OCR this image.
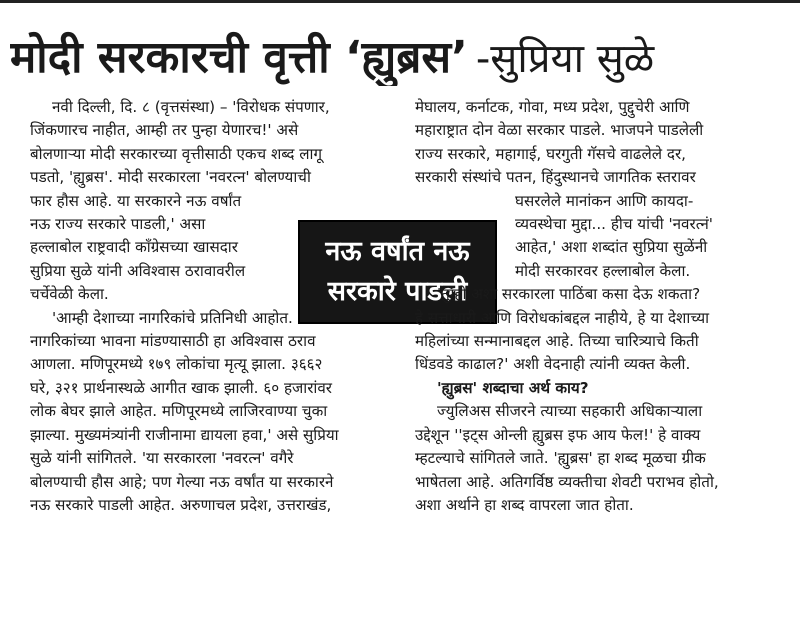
मोदी सरकारची वृत्ती ‘ह्युब्रस’ -सुप्रिया सुळे
नवी दिल्ली, दि. ८ (वृत्तसंस्था) – 'विरोधक संपणार,
जिंकणारच नाहीत, आम्ही तर पुन्हा येणारच!' असे
बोलणाऱ्या मोदी सरकारच्या वृत्तीसाठी एकच शब्द लागू
पडतो, 'ह्युब्रस'. मोदी सरकारला 'नवरत्न' बोलण्याची
फार हौस आहे. या सरकारने नऊ वर्षांत
नऊ राज्य सरकारे पाडली,' असा
हल्लाबोल राष्ट्रवादी काँग्रेसच्या खासदार
सुप्रिया सुळे यांनी अविश्वास ठरावावरील
चर्चेवेळी केला.
'आम्ही देशाच्या नागरिकांचे प्रतिनिधी आहोत.
नागरिकांच्या भावना मांडण्यासाठी हा अविश्वास ठराव
आणला. मणिपूरमध्ये १७९ लोकांचा मृत्यू झाला. ३६६२
घरे, ३२१ प्रार्थनास्थळे आगीत खाक झाली. ६० हजारांवर
लोक बेघर झाले आहेत. मणिपूरमध्ये लाजिरवाण्या चुका
झाल्या. मुख्यमंत्र्यांनी राजीनामा द्यायला हवा,' असे सुप्रिया
सुळे यांनी सांगितले. 'या सरकारला 'नवरत्न' वगैरे
बोलण्याची हौस आहे; पण गेल्या नऊ वर्षांत या सरकारने
नऊ सरकारे पाडली आहेत. अरुणाचल प्रदेश, उत्तराखंड,
नऊ वर्षांत नऊ
सरकारे पाडली
मेघालय, कर्नाटक, गोवा, मध्य प्रदेश, पुद्दुचेरी आणि
महाराष्ट्रात दोन वेळा सरकार पाडले. भाजपने पाडलेली
राज्य सरकारे, महागाई, घरगुती गॅसचे वाढलेले दर,
सरकारी संस्थांचे पतन, हिंदुस्थानचे जागतिक स्तरावर
घसरलेले मानांकन आणि कायदा-
व्यवस्थेचा मुद्दा... हीच यांची 'नवरत्नं'
आहेत,' अशा शब्दांत सुप्रिया सुळेंनी
मोदी सरकारवर हल्लाबोल केला.
'तुम्ही अशा सरकारला पाठिंबा कसा देऊ शकता?
हे सत्ताधारी आणि विरोधकांबद्दल नाहीये, हे या देशाच्या
महिलांच्या सन्मानाबद्दल आहे. तिच्या चारित्र्याचे किती
धिंडवडे काढाल?' अशी वेदनाही त्यांनी व्यक्त केली.
'ह्युब्रस' शब्दाचा अर्थ काय?
ज्युलिअस सीजरने त्याच्या सहकारी अधिकाऱ्याला
उद्देशून ''इट्स ओन्ली ह्युब्रस इफ आय फेल!' हे वाक्य
म्हटल्याचे सांगितले जाते. 'ह्युब्रस' हा शब्द मूळचा ग्रीक
भाषेतला आहे. अतिगर्विष्ठ व्यक्तीचा शेवटी पराभव होतो,
अशा अर्थाने हा शब्द वापरला जात होता.
